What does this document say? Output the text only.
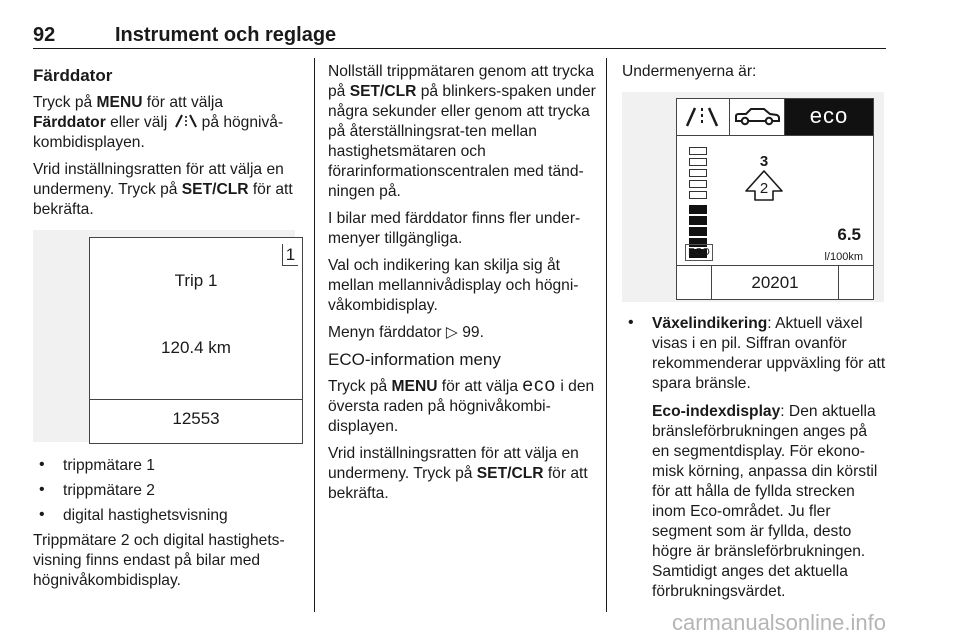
92	Instrument och reglage
Färddator

Tryck på MENU för att välja
Färddator eller välj på högnivå-kombidisplayen.

Vrid inställningsratten för att välja en undermeny. Tryck på SET/CLR för att bekräfta.

1
Trip 1
120.4 km
12553
• trippmätare 1
• trippmätare 2
• digital hastighetsvisning

Trippmätare 2 och digital hastighets-visning finns endast på bilar med högnivåkombidisplay.

Nollställ trippmätaren genom att trycka på SET/CLR på blinkers-spaken under några sekunder eller genom att trycka på återställningsrat-ten mellan hastighetsmätaren och förarinformationscentralen med tänd-ningen på.

I bilar med färddator finns fler under-menyer tillgängliga.

Val och indikering kan skilja sig åt mellan mellannivådisplay och högni-våkombidisplay.

Menyn färddator ▷ 99.

ECO-information meny

Tryck på MENU för att välja eco i den översta raden på högnivåkombi-displayen.

Vrid inställningsratten för att välja en undermeny. Tryck på SET/CLR för att bekräfta.

Undermenyerna är:

eco
ECO
3
2
6.5
l/100km
20201
• Växelindikering: Aktuell växel visas i en pil. Siffran ovanför rekommenderar uppväxling för att spara bränsle.
Eco-indexdisplay: Den aktuella bränsleförbrukningen anges på en segmentdisplay. För ekono-misk körning, anpassa din körstil för att hålla de fyllda strecken inom Eco-området. Ju fler segment som är fyllda, desto högre är bränsleförbrukningen. Samtidigt anges det aktuella förbrukningsvärdet.
carmanualsonline.info
